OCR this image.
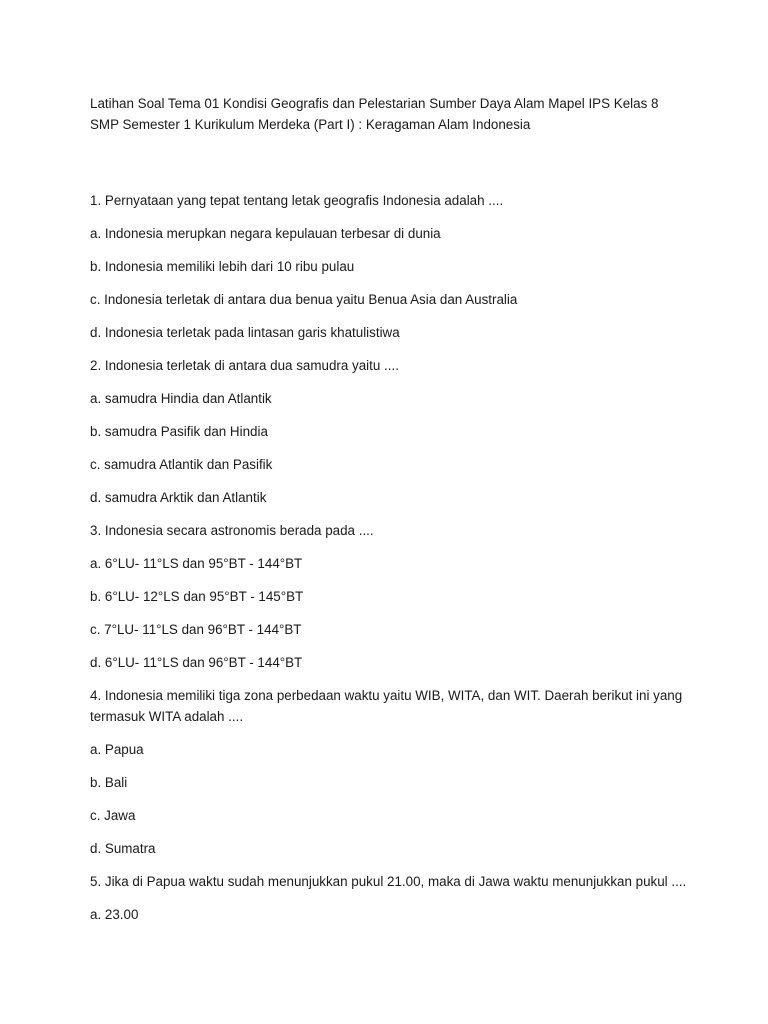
Latihan Soal Tema 01 Kondisi Geografis dan Pelestarian Sumber Daya Alam Mapel IPS Kelas 8 SMP Semester 1 Kurikulum Merdeka (Part I) : Keragaman Alam Indonesia

1. Pernyataan yang tepat tentang letak geografis Indonesia adalah ....

a. Indonesia merupkan negara kepulauan terbesar di dunia

b. Indonesia memiliki lebih dari 10 ribu pulau

c. Indonesia terletak di antara dua benua yaitu Benua Asia dan Australia

d. Indonesia terletak pada lintasan garis khatulistiwa

2. Indonesia terletak di antara dua samudra yaitu ....

a. samudra Hindia dan Atlantik

b. samudra Pasifik dan Hindia

c. samudra Atlantik dan Pasifik

d. samudra Arktik dan Atlantik

3. Indonesia secara astronomis berada pada ....

a. 6°LU- 11°LS dan 95°BT - 144°BT

b. 6°LU- 12°LS dan 95°BT - 145°BT

c. 7°LU- 11°LS dan 96°BT - 144°BT

d. 6°LU- 11°LS dan 96°BT - 144°BT

4. Indonesia memiliki tiga zona perbedaan waktu yaitu WIB, WITA, dan WIT. Daerah berikut ini yang termasuk WITA adalah ....

a. Papua

b. Bali

c. Jawa

d. Sumatra

5. Jika di Papua waktu sudah menunjukkan pukul 21.00, maka di Jawa waktu menunjukkan pukul ....

a. 23.00
